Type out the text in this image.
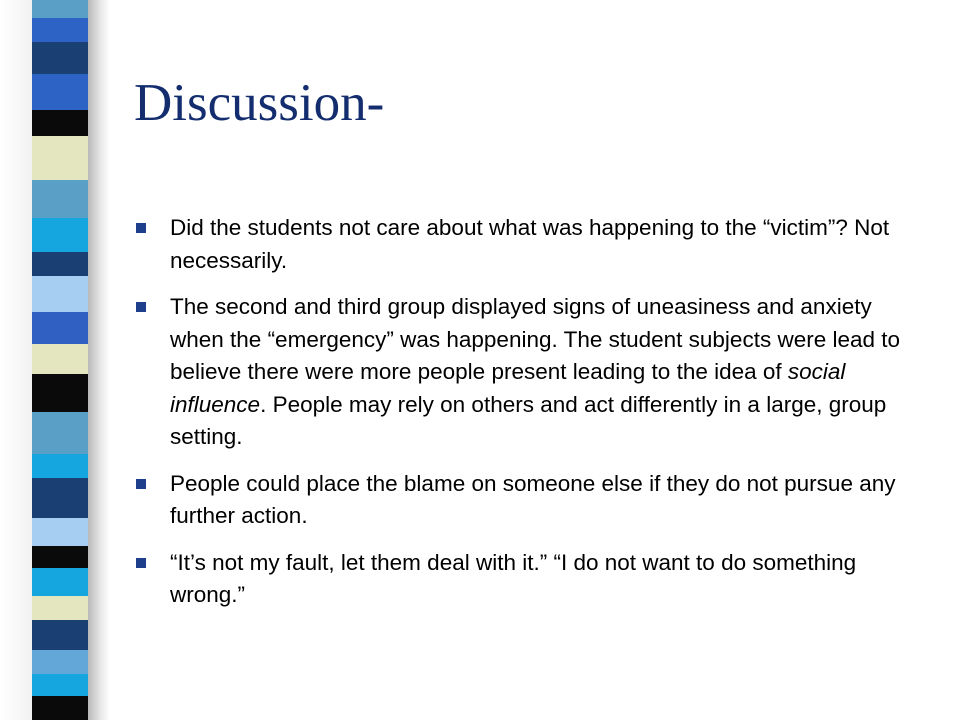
Discussion-
Did the students not care about what was happening to the “victim”? Not necessarily.
The second and third group displayed signs of uneasiness and anxiety when the “emergency” was happening. The student subjects were lead to believe there were more people present leading to the idea of social influence. People may rely on others and act differently in a large, group setting.
People could place the blame on someone else if they do not pursue any further action.
“It’s not my fault, let them deal with it.” “I do not want to do something wrong.”
